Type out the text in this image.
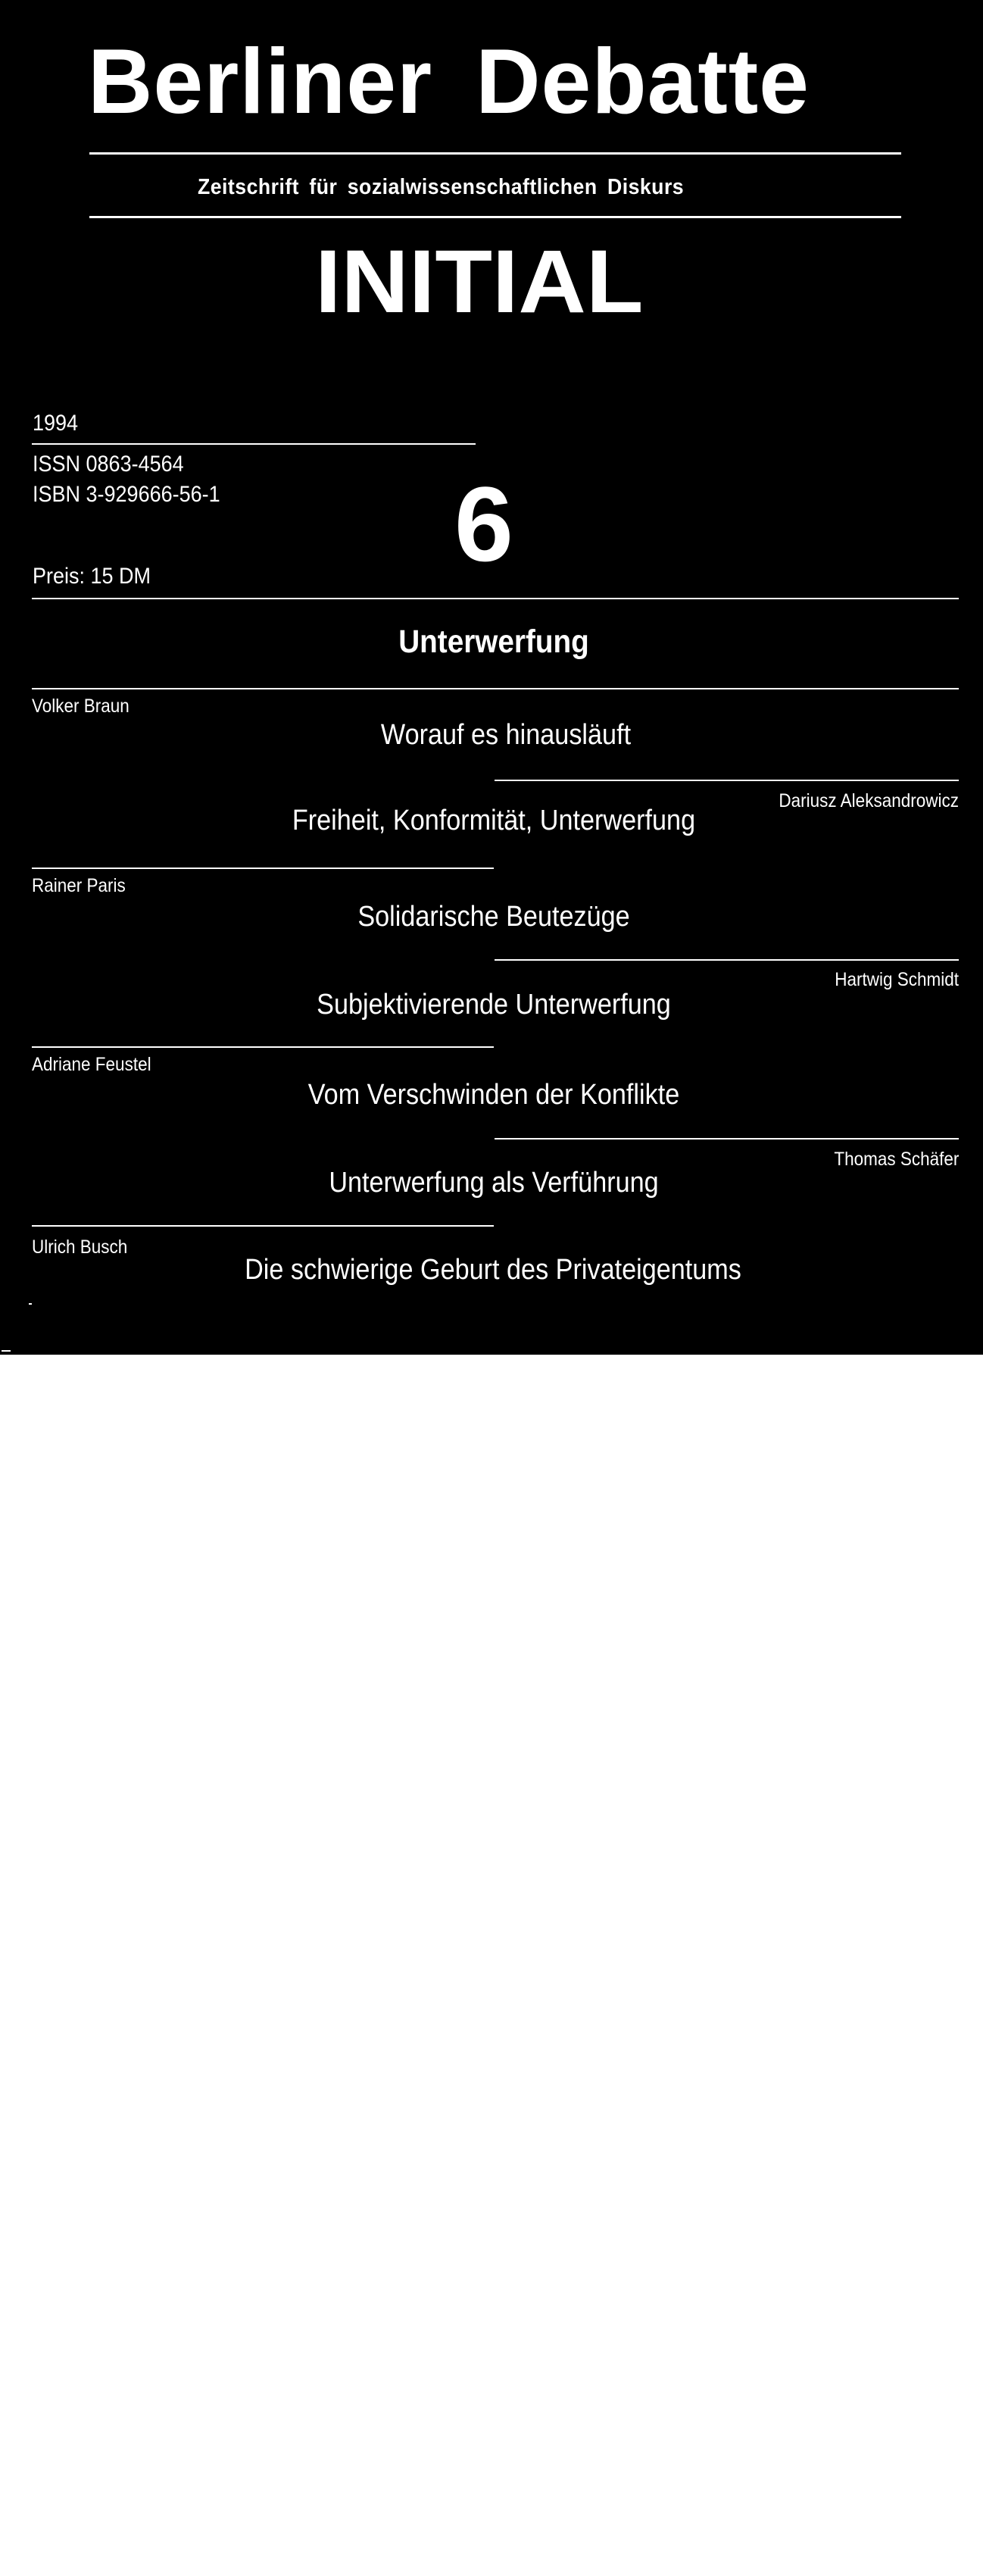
Berliner Debatte
Zeitschrift für sozialwissenschaftlichen Diskurs
INITIAL
1994
ISSN 0863-4564
ISBN 3-929666-56-1
Preis: 15 DM	6
Unterwerfung
Volker Braun
Worauf es hinausläuft
Dariusz Aleksandrowicz
Freiheit, Konformität, Unterwerfung
Rainer Paris
Solidarische Beutezüge
Hartwig Schmidt
Subjektivierende Unterwerfung
Adriane Feustel
Vom Verschwinden der Konflikte
Thomas Schäfer
Unterwerfung als Verführung
Ulrich Busch
Die schwierige Geburt des Privateigentums
